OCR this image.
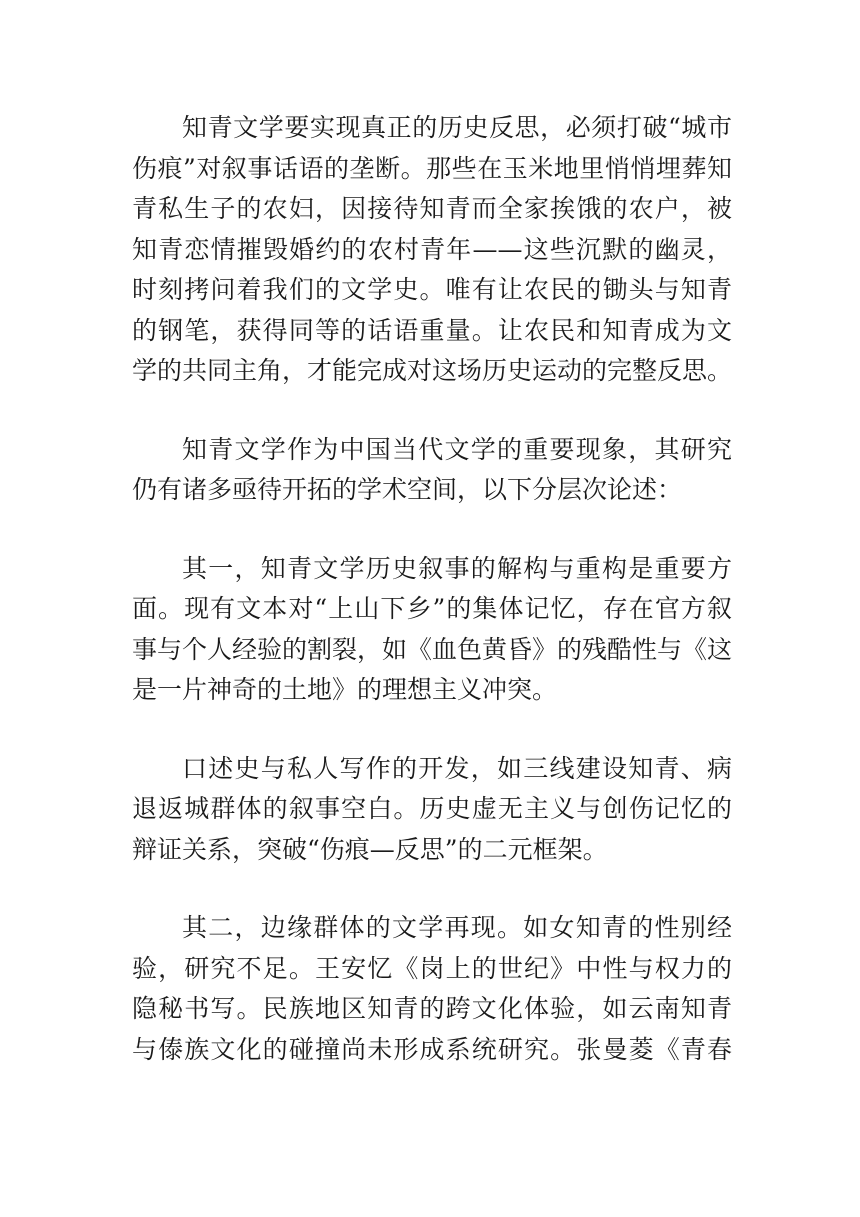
知青文学要实现真正的历史反思，必须打破“城市
伤痕”对叙事话语的垄断。那些在玉米地里悄悄埋葬知
青私生子的农妇，因接待知青而全家挨饿的农户，被
知青恋情摧毁婚约的农村青年——这些沉默的幽灵，
时刻拷问着我们的文学史。唯有让农民的锄头与知青
的钢笔，获得同等的话语重量。让农民和知青成为文
学的共同主角，才能完成对这场历史运动的完整反思。

知青文学作为中国当代文学的重要现象，其研究
仍有诸多亟待开拓的学术空间，以下分层次论述：

其一，知青文学历史叙事的解构与重构是重要方
面。现有文本对“上山下乡”的集体记忆，存在官方叙
事与个人经验的割裂，如《血色黄昏》的残酷性与《这
是一片神奇的土地》的理想主义冲突。

口述史与私人写作的开发，如三线建设知青、病
退返城群体的叙事空白。历史虚无主义与创伤记忆的
辩证关系，突破“伤痕—反思”的二元框架。

其二，边缘群体的文学再现。如女知青的性别经
验，研究不足。王安忆《岗上的世纪》中性与权力的
隐秘书写。民族地区知青的跨文化体验，如云南知青
与傣族文化的碰撞尚未形成系统研究。张曼菱《青春
